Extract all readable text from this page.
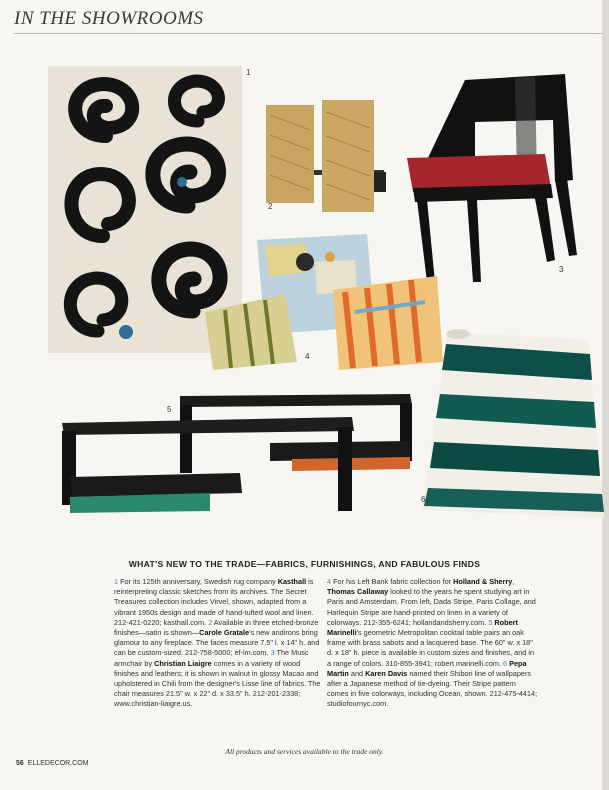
IN THE SHOWROOMS
1
2
3
4
5
6
WHAT'S NEW TO THE TRADE—FABRICS, FURNISHINGS, AND FABULOUS FINDS
1 For its 125th anniversary, Swedish rug company Kasthall is reinterpreting classic sketches from its archives. The Secret Treasures collection includes Virvel, shown, adapted from a vibrant 1950s design and made of hand-tufted wool and linen. 212-421-0220; kasthall.com. 2 Available in three etched-bronze finishes—satin is shown—Carole Gratale's new andirons bring glamour to any fireplace. The faces measure 7.5" l. x 14" h. and can be custom-sized. 212-758-5000; ef-lm.com. 3 The Musc armchair by Christian Liaigre comes in a variety of wood finishes and leathers; it is shown in walnut in glossy Macao and upholstered in Chili from the designer's Lisse line of fabrics. The chair measures 21.5" w. x 22" d. x 33.5" h. 212-201-2338; www.christian-liaigre.us.
4 For his Left Bank fabric collection for Holland & Sherry, Thomas Callaway looked to the years he spent studying art in Paris and Amsterdam. From left, Dada Stripe, Paris Collage, and Harlequin Stripe are hand-printed on linen in a variety of colorways. 212-355-6241; hollandandsherry.com. 5 Robert Marinelli's geometric Metropolitan cocktail table pairs an oak frame with brass sabots and a lacquered base. The 60" w. x 18" d. x 18" h. piece is available in custom sizes and finishes, and in a range of colors. 310-855-3941; robert marinelli.com. 6 Pepa Martin and Karen Davis named their Shibori line of wallpapers after a Japanese method of tie-dyeing. Their Stripe pattern comes in five colorways, including Ocean, shown. 212-475-4414; studiofournyc.com.
All products and services available to the trade only.
56 ELLEDECOR.COM
